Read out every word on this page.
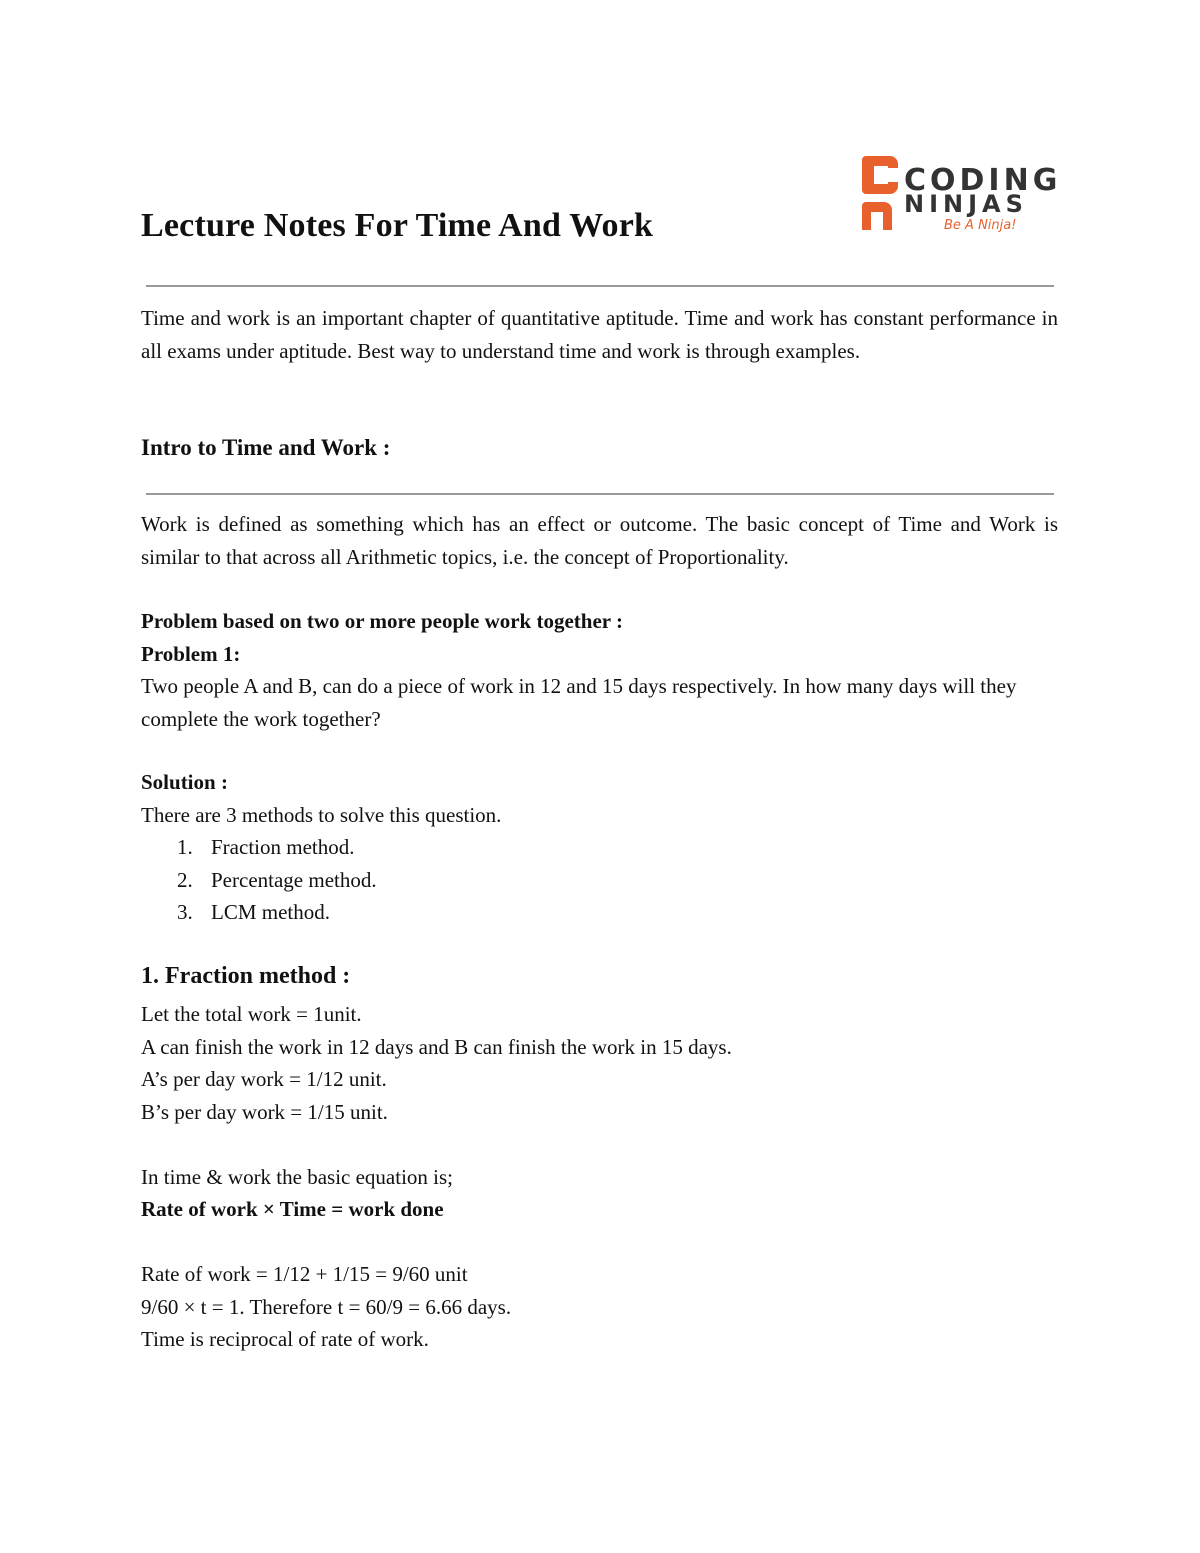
CODING
NINJAS
Be A Ninja!
Lecture Notes For Time And Work

Time and work is an important chapter of quantitative aptitude. Time and work has constant performance in all exams under aptitude. Best way to understand time and work is through examples.

Intro to Time and Work :

Work is defined as something which has an effect or outcome. The basic concept of Time and Work is similar to that across all Arithmetic topics, i.e. the concept of Proportionality.

Problem based on two or more people work together :
Problem 1:
Two people A and B, can do a piece of work in 12 and 15 days respectively. In how many days will they complete the work together?
Solution :
There are 3 methods to solve this question.
1. Fraction method.
2. Percentage method.
3. LCM method.
1. Fraction method :
Let the total work = 1unit.
A can finish the work in 12 days and B can finish the work in 15 days.
A’s per day work = 1/12 unit.
B’s per day work = 1/15 unit.
In time & work the basic equation is;
Rate of work × Time = work done
Rate of work = 1/12 + 1/15 = 9/60 unit
9/60 × t = 1. Therefore t = 60/9 = 6.66 days.
Time is reciprocal of rate of work.
